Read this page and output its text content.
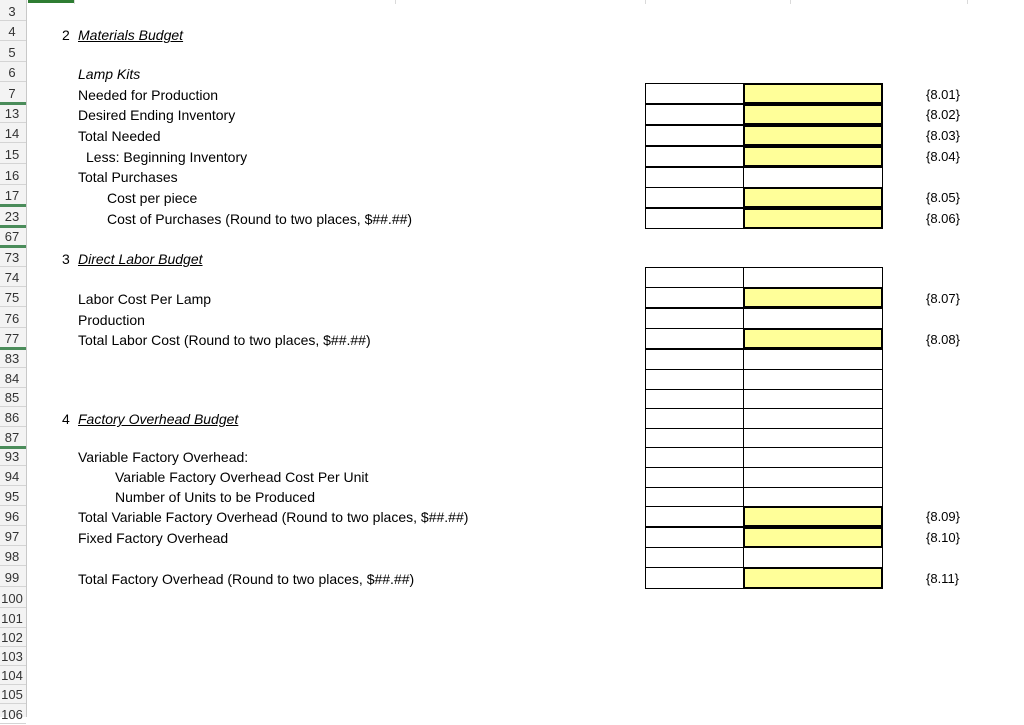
3
4
5
6
7
13
14
15
16
17
23
67
73
74
75
76
77
83
84
85
86
87
93
94
95
96
97
98
99
100
101
102
103
104
105
106
2 Materials Budget
Lamp Kits
Needed for Production
Desired Ending Inventory
Total Needed
Less: Beginning Inventory
Total Purchases
Cost per piece
Cost of Purchases (Round to two places, $##.##)
{8.01}
{8.02}
{8.03}
{8.04}
{8.05}
{8.06}
3 Direct Labor Budget
Labor Cost Per Lamp
Production
Total Labor Cost (Round to two places, $##.##)
{8.07}
{8.08}
4 Factory Overhead Budget
Variable Factory Overhead:
Variable Factory Overhead Cost Per Unit
Number of Units to be Produced
Total Variable Factory Overhead (Round to two places, $##.##)
Fixed Factory Overhead
Total Factory Overhead (Round to two places, $##.##)
{8.09}
{8.10}
{8.11}
